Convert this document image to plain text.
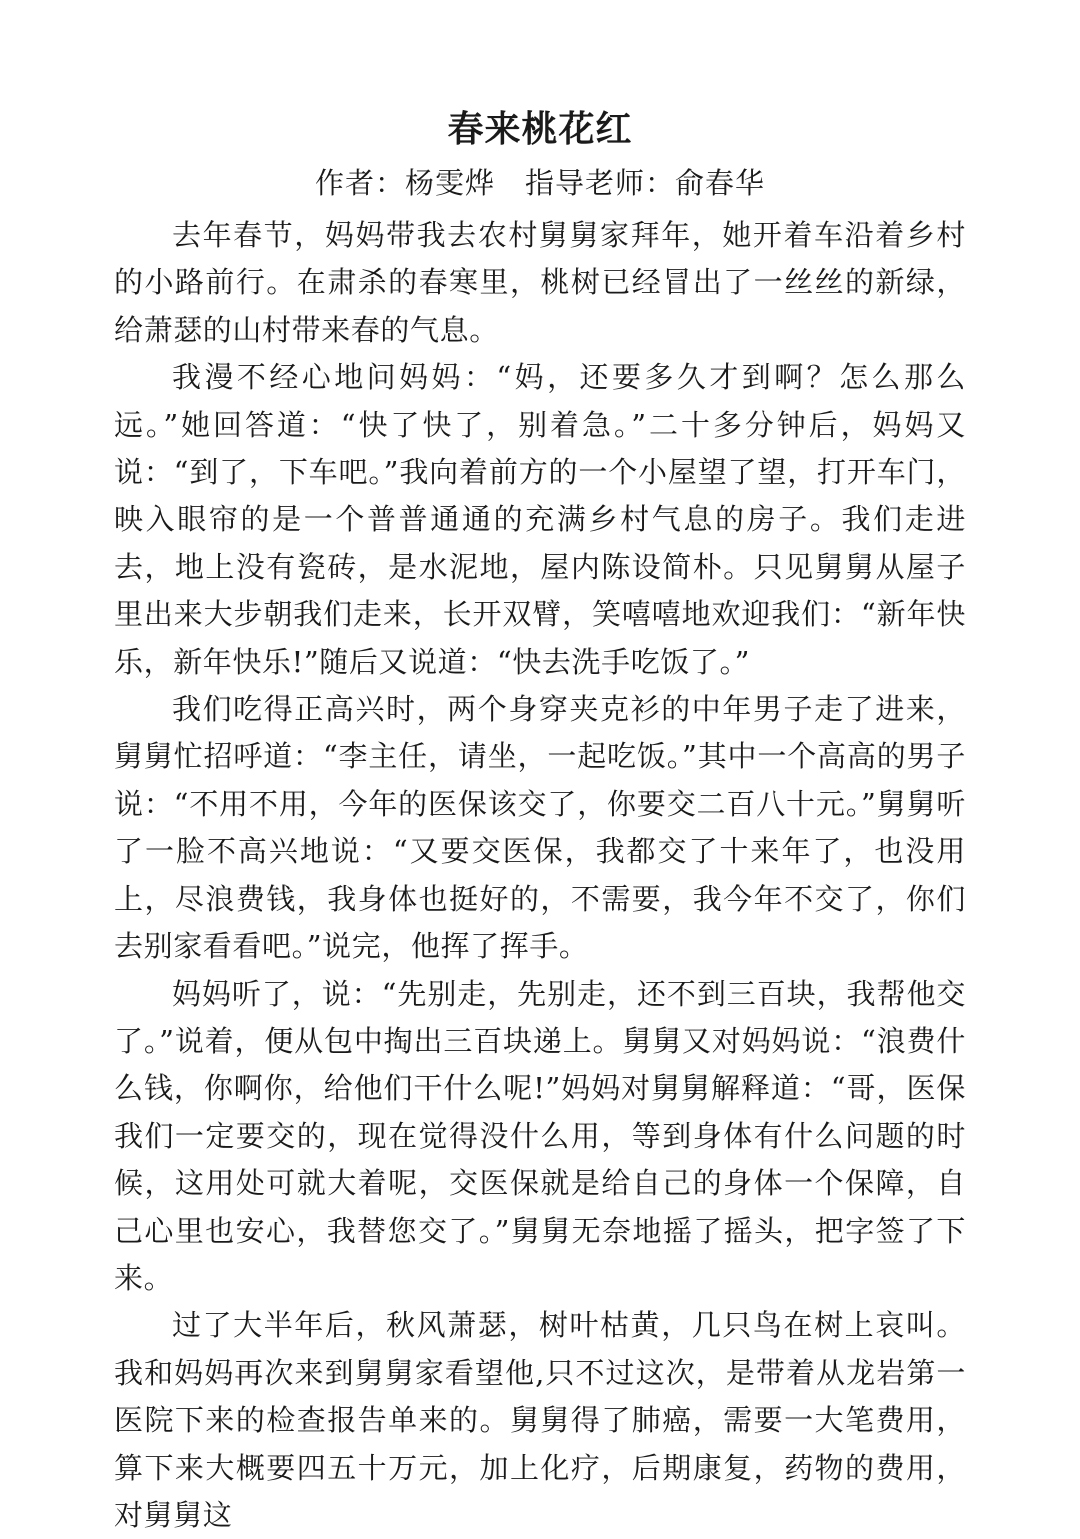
春来桃花红
作者：杨雯烨　指导老师：俞春华

去年春节，妈妈带我去农村舅舅家拜年，她开着车沿着乡村的小路前行。在肃杀的春寒里，桃树已经冒出了一丝丝的新绿，给萧瑟的山村带来春的气息。

我漫不经心地问妈妈：“妈，还要多久才到啊？怎么那么远。”她回答道：“快了快了，别着急。”二十多分钟后，妈妈又说：“到了，下车吧。”我向着前方的一个小屋望了望，打开车门，映入眼帘的是一个普普通通的充满乡村气息的房子。我们走进去，地上没有瓷砖，是水泥地，屋内陈设简朴。只见舅舅从屋子里出来大步朝我们走来，长开双臂，笑嘻嘻地欢迎我们：“新年快乐，新年快乐!”随后又说道：“快去洗手吃饭了。”

我们吃得正高兴时，两个身穿夹克衫的中年男子走了进来，舅舅忙招呼道：“李主任，请坐，一起吃饭。”其中一个高高的男子说：“不用不用，今年的医保该交了，你要交二百八十元。”舅舅听了一脸不高兴地说：“又要交医保，我都交了十来年了，也没用上，尽浪费钱，我身体也挺好的，不需要，我今年不交了，你们去别家看看吧。”说完，他挥了挥手。

妈妈听了，说：“先别走，先别走，还不到三百块，我帮他交了。”说着，便从包中掏出三百块递上。舅舅又对妈妈说：“浪费什么钱，你啊你，给他们干什么呢!”妈妈对舅舅解释道：“哥，医保我们一定要交的，现在觉得没什么用，等到身体有什么问题的时候，这用处可就大着呢，交医保就是给自己的身体一个保障，自己心里也安心，我替您交了。”舅舅无奈地摇了摇头，把字签了下来。

过了大半年后，秋风萧瑟，树叶枯黄，几只鸟在树上哀叫。我和妈妈再次来到舅舅家看望他,只不过这次，是带着从龙岩第一医院下来的检查报告单来的。舅舅得了肺癌，需要一大笔费用，算下来大概要四五十万元，加上化疗，后期康复，药物的费用，对舅舅这
